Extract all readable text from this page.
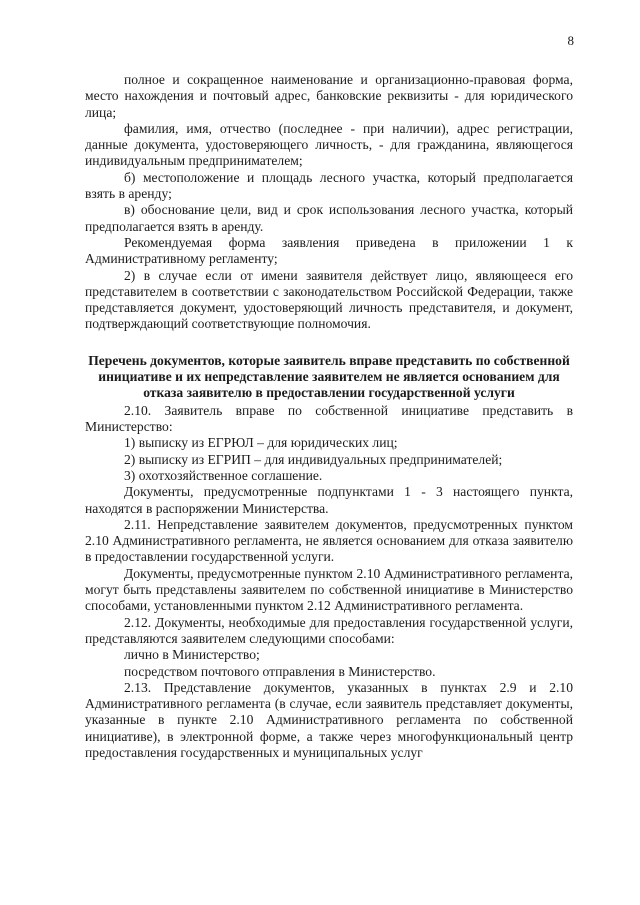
8

полное и сокращенное наименование и организационно-правовая форма, место нахождения и почтовый адрес, банковские реквизиты - для юридического лица;

фамилия, имя, отчество (последнее - при наличии), адрес регистрации, данные документа, удостоверяющего личность, - для гражданина, являющегося индивидуальным предпринимателем;

б) местоположение и площадь лесного участка, который предполагается взять в аренду;

в) обоснование цели, вид и срок использования лесного участка, который предполагается взять в аренду.

Рекомендуемая форма заявления приведена в приложении 1 к Административному регламенту;

2) в случае если от имени заявителя действует лицо, являющееся его представителем в соответствии с законодательством Российской Федерации, также представляется документ, удостоверяющий личность представителя, и документ, подтверждающий соответствующие полномочия.

Перечень документов, которые заявитель вправе представить по собственной инициативе и их непредставление заявителем не является основанием для отказа заявителю в предоставлении государственной услуги

2.10. Заявитель вправе по собственной инициативе представить в Министерство:

1) выписку из ЕГРЮЛ – для юридических лиц;

2) выписку из ЕГРИП – для индивидуальных предпринимателей;

3) охотхозяйственное соглашение.

Документы, предусмотренные подпунктами 1 - 3 настоящего пункта, находятся в распоряжении Министерства.

2.11. Непредставление заявителем документов, предусмотренных пунктом 2.10 Административного регламента, не является основанием для отказа заявителю в предоставлении государственной услуги.

Документы, предусмотренные пунктом 2.10 Административного регламента, могут быть представлены заявителем по собственной инициативе в Министерство способами, установленными пунктом 2.12 Административного регламента.

2.12. Документы, необходимые для предоставления государственной услуги, представляются заявителем следующими способами:

лично в Министерство;

посредством почтового отправления в Министерство.

2.13. Представление документов, указанных в пунктах 2.9 и 2.10 Административного регламента (в случае, если заявитель представляет документы, указанные в пункте 2.10 Административного регламента по собственной инициативе), в электронной форме, а также через многофункциональный центр предоставления государственных и муниципальных услуг
